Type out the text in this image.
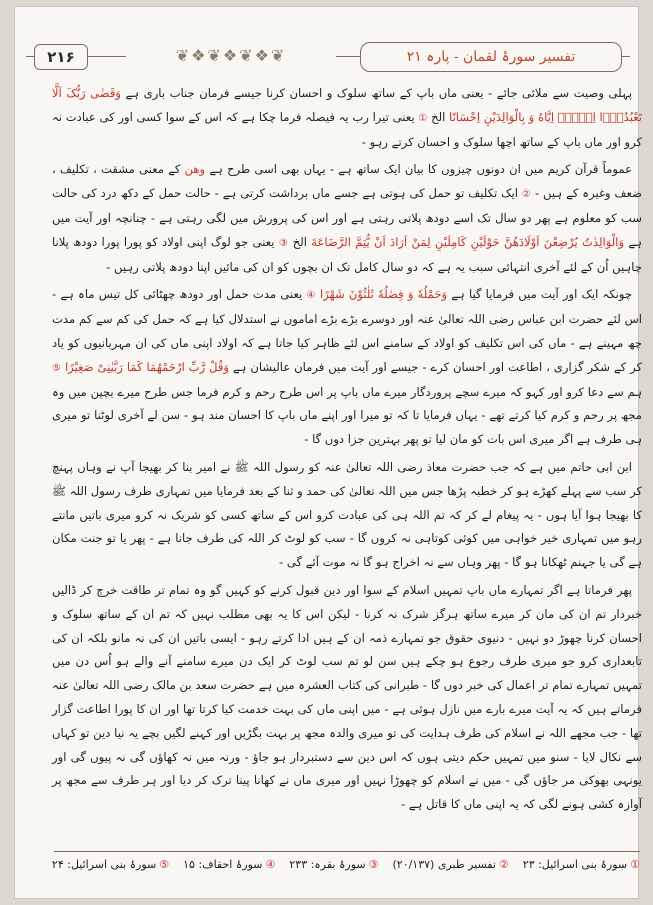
۲۱۶	❦❖❦❖❦❖❦	تفسیر سورۂ لقمان - پارہ ۲۱

پہلی وصیت سے ملائی جائے - یعنی ماں باپ کے ساتھ سلوک و احسان کرنا جیسے فرمان جناب باری ہے وَقَضٰی رَبُّکَ اَلَّا تَعْبُدُوْۤا اِلَّاۤ اِیَّاهُ وَ بِالْوَالِدَیْنِ اِحْسَانًا الخ ① یعنی تیرا رب یہ فیصلہ فرما چکا ہے کہ اس کے سوا کسی اور کی عبادت نہ کرو اور ماں باپ کے ساتھ اچھا سلوک و احسان کرتے رہو -

عموماً قرآن کریم میں ان دونوں چیزوں کا بیان ایک ساتھ ہے - یہاں بھی اسی طرح ہے وھن کے معنی مشقت ، تکلیف ، ضعف وغیرہ کے ہیں - ② ایک تکلیف تو حمل کی ہوتی ہے جسے ماں برداشت کرتی ہے - حالت حمل کے دکھ درد کی حالت سب کو معلوم ہے پھر دو سال تک اسے دودھ پلاتی رہتی ہے اور اس کی پرورش میں لگی رہتی ہے - چنانچہ اور آیت میں ہے وَالْوَالِدٰتُ یُرْضِعْنَ اَوْلَادَهُنَّ حَوْلَیْنِ کَامِلَیْنِ لِمَنْ اَرَادَ اَنْ یُّتِمَّ الرَّضَاعَةَ الخ ③ یعنی جو لوگ اپنی اولاد کو پورا پورا دودھ پلانا چاہیں اُن کے لئے آخری انتہائی سبب یہ ہے کہ دو سال کامل تک ان بچوں کو ان کی مائیں اپنا دودھ پلاتی رہیں -

چونکہ ایک اور آیت میں فرمایا گیا ہے وَحَمْلُهٗ وَ فِصٰلُهٗ ثَلٰثُوْنَ شَهْرًا ④ یعنی مدت حمل اور دودھ چھٹائی کل تیس ماہ ہے - اس لئے حضرت ابن عباس رضی اللہ تعالیٰ عنہ اور دوسرے بڑے بڑے اماموں نے استدلال کیا ہے کہ حمل کی کم سے کم مدت چھ مہینے ہے - ماں کی اس تکلیف کو اولاد کے سامنے اس لئے ظاہر کیا جاتا ہے کہ اولاد اپنی ماں کی ان مہربانیوں کو یاد کر کے شکر گزاری ، اطاعت اور احسان کرے - جیسے اور آیت میں فرمان عالیشان ہے وَقُلْ رَّبِّ ارْحَمْهُمَا کَمَا رَبَّیٰنِیْ صَغِیْرًا ⑤ ہم سے دعا کرو اور کہو کہ میرے سچے پروردگار میرے ماں باپ پر اس طرح رحم و کرم فرما جس طرح میرے بچپن میں وہ مجھ پر رحم و کرم کیا کرتے تھے - یہاں فرمایا تا کہ تو میرا اور اپنے ماں باپ کا احسان مند ہو - سن لے آخری لوٹنا تو میری ہی طرف ہے اگر میری اس بات کو مان لیا تو پھر بہترین جزا دوں گا -

ابن ابی حاتم میں ہے کہ جب حضرت معاذ رضی اللہ تعالیٰ عنہ کو رسول اللہ ﷺ نے امیر بنا کر بھیجا آپ نے وہاں پہنچ کر سب سے پہلے کھڑے ہو کر خطبہ پڑھا جس میں اللہ تعالیٰ کی حمد و ثنا کے بعد فرمایا میں تمہاری طرف رسول اللہ ﷺ کا بھیجا ہوا آیا ہوں - یہ پیغام لے کر کہ تم اللہ ہی کی عبادت کرو اس کے ساتھ کسی کو شریک نہ کرو میری باتیں مانتے رہو میں تمہاری خیر خواہی میں کوئی کوتاہی نہ کروں گا - سب کو لوٹ کر اللہ کی طرف جانا ہے - پھر یا تو جنت مکان ہے گی یا جہنم ٹھکانا ہو گا - پھر وہاں سے نہ اخراج ہو گا نہ موت آئے گی -

پھر فرماتا ہے اگر تمہارے ماں باپ تمہیں اسلام کے سوا اور دین قبول کرنے کو کہیں گو وہ تمام تر طاقت خرچ کر ڈالیں خبردار تم ان کی مان کر میرے ساتھ ہرگز شرک نہ کرنا - لیکن اس کا یہ بھی مطلب نہیں کہ تم ان کے ساتھ سلوک و احسان کرنا چھوڑ دو نہیں - دنیوی حقوق جو تمہارے ذمہ ان کے ہیں ادا کرتے رہو - ایسی باتیں ان کی نہ مانو بلکہ ان کی تابعداری کرو جو میری طرف رجوع ہو چکے ہیں سن لو تم سب لوٹ کر ایک دن میرے سامنے آنے والے ہو اُس دن میں تمہیں تمہارے تمام تر اعمال کی خبر دوں گا - طبرانی کی کتاب العشرہ میں ہے حضرت سعد بن مالک رضی اللہ تعالیٰ عنہ فرماتے ہیں کہ یہ آیت میرے بارے میں نازل ہوئی ہے - میں اپنی ماں کی بہت خدمت کیا کرتا تھا اور ان کا پورا اطاعت گزار تھا - جب مجھے اللہ نے اسلام کی طرف ہدایت کی تو میری والدہ مجھ پر بہت بگڑیں اور کہنے لگیں بچے یہ نیا دین تو کہاں سے نکال لایا - سنو میں تمہیں حکم دیتی ہوں کہ اس دین سے دستبردار ہو جاؤ - ورنہ میں نہ کھاؤں گی نہ پیوں گی اور یونہی بھوکی مر جاؤں گی - میں نے اسلام کو چھوڑا نہیں اور میری ماں نے کھانا پینا ترک کر دیا اور ہر طرف سے مجھ پر آوازہ کشی ہونے لگی کہ یہ اپنی ماں کا قاتل ہے -

①سورۂ بنی اسرائیل: ۲۳②تفسیر طبری (۲۰/۱۳۷)③سورۂ بقرہ: ۲۳۳④سورۂ احقاف: ۱۵⑤سورۂ بنی اسرائیل: ۲۴
